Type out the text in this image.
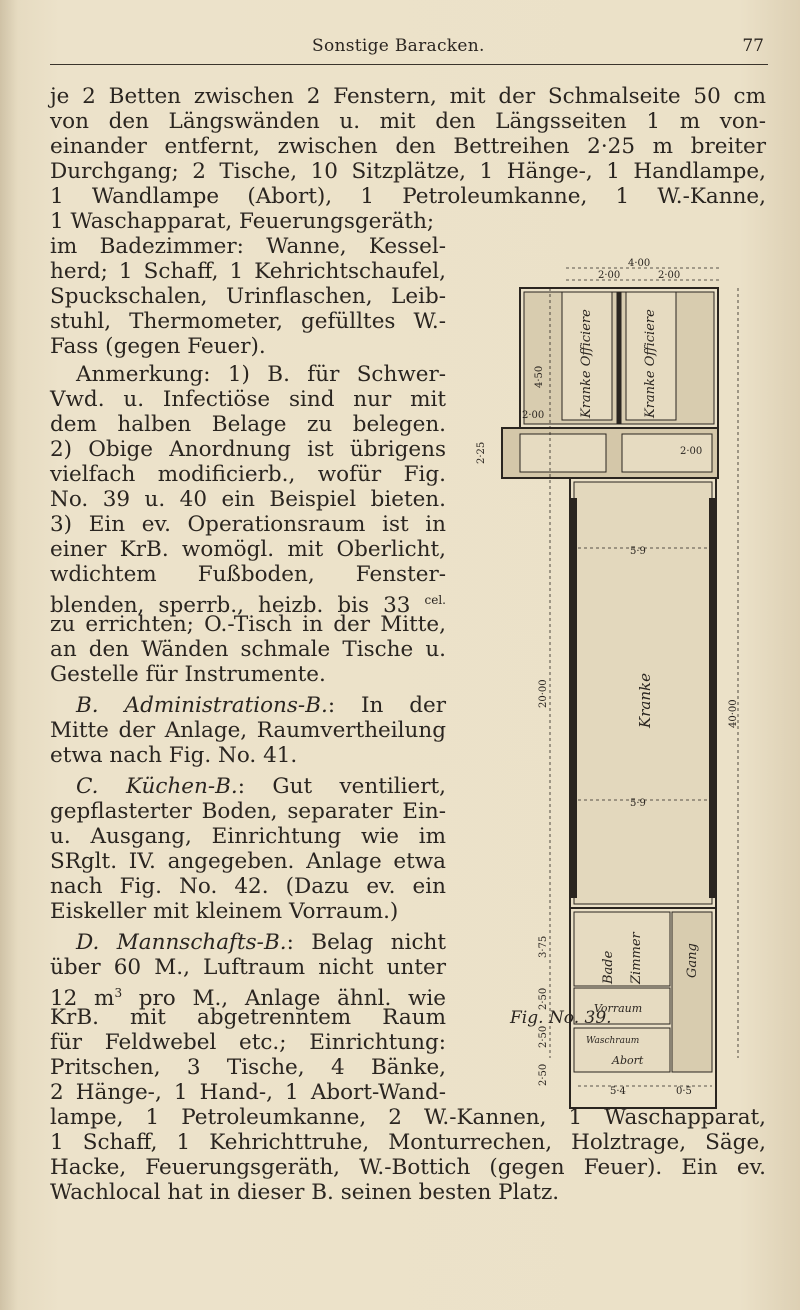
Sonstige Baracken.	77
je 2 Betten zwischen 2 Fenstern, mit der Schmalseite 50 cm
von den Längswänden u. mit den Längsseiten 1 m von-
einander entfernt, zwischen den Bettreihen 2·25 m breiter
Durchgang; 2 Tische, 10 Sitzplätze, 1 Hänge-, 1 Handlampe,
1 Wandlampe (Abort), 1 Petroleumkanne, 1 W.-Kanne,
1 Waschapparat, Feuerungsgeräth;
im Badezimmer: Wanne, Kessel-
herd; 1 Schaff, 1 Kehrichtschaufel,
Spuckschalen, Urinflaschen, Leib-
stuhl, Thermometer, gefülltes W.-
Fass (gegen Feuer).
Anmerkung: 1) B. für Schwer-
Vwd. u. Infectiöse sind nur mit
dem halben Belage zu belegen.
2) Obige Anordnung ist übrigens
vielfach modificierb., wofür Fig.
No. 39 u. 40 ein Beispiel bieten.
3) Ein ev. Operationsraum ist in
einer KrB. womögl. mit Oberlicht,
wdichtem Fußboden, Fenster-
blenden, sperrb., heizb. bis 33 $^{cel.}$
zu errichten; O.-Tisch in der Mitte,
an den Wänden schmale Tische u.
Gestelle für Instrumente.
B. Administrations-B.: In der
Mitte der Anlage, Raumvertheilung
etwa nach Fig. No. 41.
C. Küchen-B.: Gut ventiliert,
gepflasterter Boden, separater Ein-
u. Ausgang, Einrichtung wie im
SRglt. IV. angegeben. Anlage etwa
nach Fig. No. 42. (Dazu ev. ein
Eiskeller mit kleinem Vorraum.)
D. Mannschafts-B.: Belag nicht
über 60 M., Luftraum nicht unter
12 $m^3$ pro M., Anlage ähnl. wie
KrB. mit abgetrenntem Raum
für Feldwebel etc.; Einrichtung:
Pritschen, 3 Tische, 4 Bänke,
2 Hänge-, 1 Hand-, 1 Abort-Wand-
lampe, 1 Petroleumkanne, 2 W.-Kannen, 1 Waschapparat,
1 Schaff, 1 Kehrichttruhe, Monturrechen, Holztrage, Säge,
Hacke, Feuerungsgeräth, W.-Bottich (gegen Feuer). Ein ev.
Wachlocal hat in dieser B. seinen besten Platz.
Kranke Officiere	Kranke Officiere
Kranke
Bade Zimmer	Gang
Vorraum
Waschraum
Abort
4·00
2·00	2·00
2·00
2·00
5·9
5·9
5·4	0·5
4·50
2·25
20·00
3·75
2·50
2·50
2·50
40·00
Fig. No. 39.
